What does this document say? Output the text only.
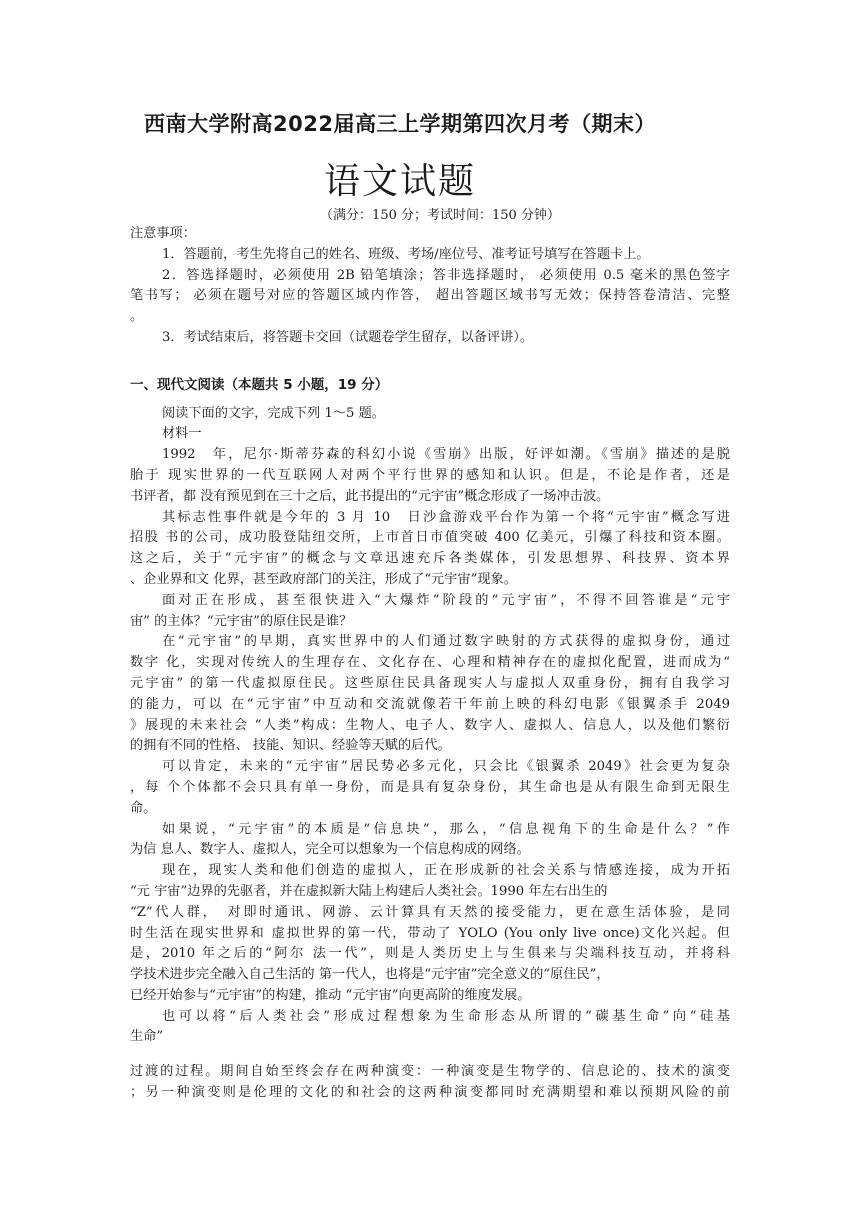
西南大学附高2022届高三上学期第四次月考（期末）
语文试题
（满分：150 分；考试时间：150 分钟）
注意事项：
1．答题前，考生先将自己的姓名、班级、考场/座位号、准考证号填写在答题卡上。
2．答选择题时，必须使用 2B 铅笔填涂；答非选择题时， 必须使用 0.5 毫米的黑色签字
笔书写； 必须在题号对应的答题区域内作答， 超出答题区域书写无效；保持答卷清洁、完整
。
3．考试结束后，将答题卡交回（试题卷学生留存，以备评讲）。
一、现代文阅读（本题共 5 小题，19 分）
阅读下面的文字，完成下列 1～5 题。
材料一
1992　年，尼尔·斯蒂芬森的科幻小说《雪崩》出版，好评如潮。《雪崩》描述的是脱
胎于 现实世界的一代互联网人对两个平行世界的感知和认识。但是，不论是作者，还是
书评者，都 没有预见到在三十之后，此书提出的“元宇宙”概念形成了一场冲击波。
其标志性事件就是今年的 3 月 10　日沙盒游戏平台作为第一个将“元宇宙”概念写进
招股 书的公司，成功股登陆纽交所，上市首日市值突破 400 亿美元，引爆了科技和资本圈。
这之后，关于“元宇宙”的概念与文章迅速充斥各类媒体，引发思想界、科技界、资本界
、企业界和文 化界，甚至政府部门的关注，形成了“元宇宙”现象。
面对正在形成，甚至很快进入“大爆炸”阶段的“元宇宙”，不得不回答谁是“元宇
宙” 的主体？“元宇宙”的原住民是谁？
在“元宇宙”的早期，真实世界中的人们通过数字映射的方式获得的虚拟身份，通过
数字 化，实现对传统人的生理存在、文化存在、心理和精神存在的虚拟化配置，进而成为“
元宇宙” 的第一代虚拟原住民。这些原住民具备现实人与虚拟人双重身份，拥有自我学习
的能力，可以 在“元宇宙”中互动和交流就像若干年前上映的科幻电影《银翼杀手 2049
》展现的未来社会 “人类”构成：生物人、电子人、数字人、虚拟人、信息人，以及他们繁衍
的拥有不同的性格、 技能、知识、经验等天赋的后代。
可以肯定，未来的“元宇宙”居民势必多元化，只会比《银翼杀 2049》社会更为复杂
，每 个个体都不会只具有单一身份，而是具有复杂身份，其生命也是从有限生命到无限生
命。
如果说，“元宇宙”的本质是“信息块”，那么，“信息视角下的生命是什么？”作
为信 息人、数字人、虚拟人，完全可以想象为一个信息构成的网络。
现在，现实人类和他们创造的虚拟人，正在形成新的社会关系与情感连接，成为开拓
“元 宇宙”边界的先驱者，并在虚拟新大陆上构建后人类社会。1990 年左右出生的
“Z”代人群，　对即时通讯、网游、云计算具有天然的接受能力，更在意生活体验，是同
时生活在现实世界和 虚拟世界的第一代，带动了 YOLO (You only live once)文化兴起。但
是，2010 年之后的“阿尔 法一代”，则是人类历史上与生俱来与尖端科技互动，并将科
学技术进步完全融入自己生活的 第一代人，也将是“元宇宙”完全意义的“原住民”，
已经开始参与“元宇宙”的构建，推动 “元宇宙”向更高阶的维度发展。
也可以将“后人类社会”形成过程想象为生命形态从所谓的“碳基生命”向“硅基
生命”
过渡的过程。期间自始至终会存在两种演变：一种演变是生物学的、信息论的、技术的演变
；另一种演变则是伦理的文化的和社会的这两种演变都同时充满期望和难以预期风险的前
